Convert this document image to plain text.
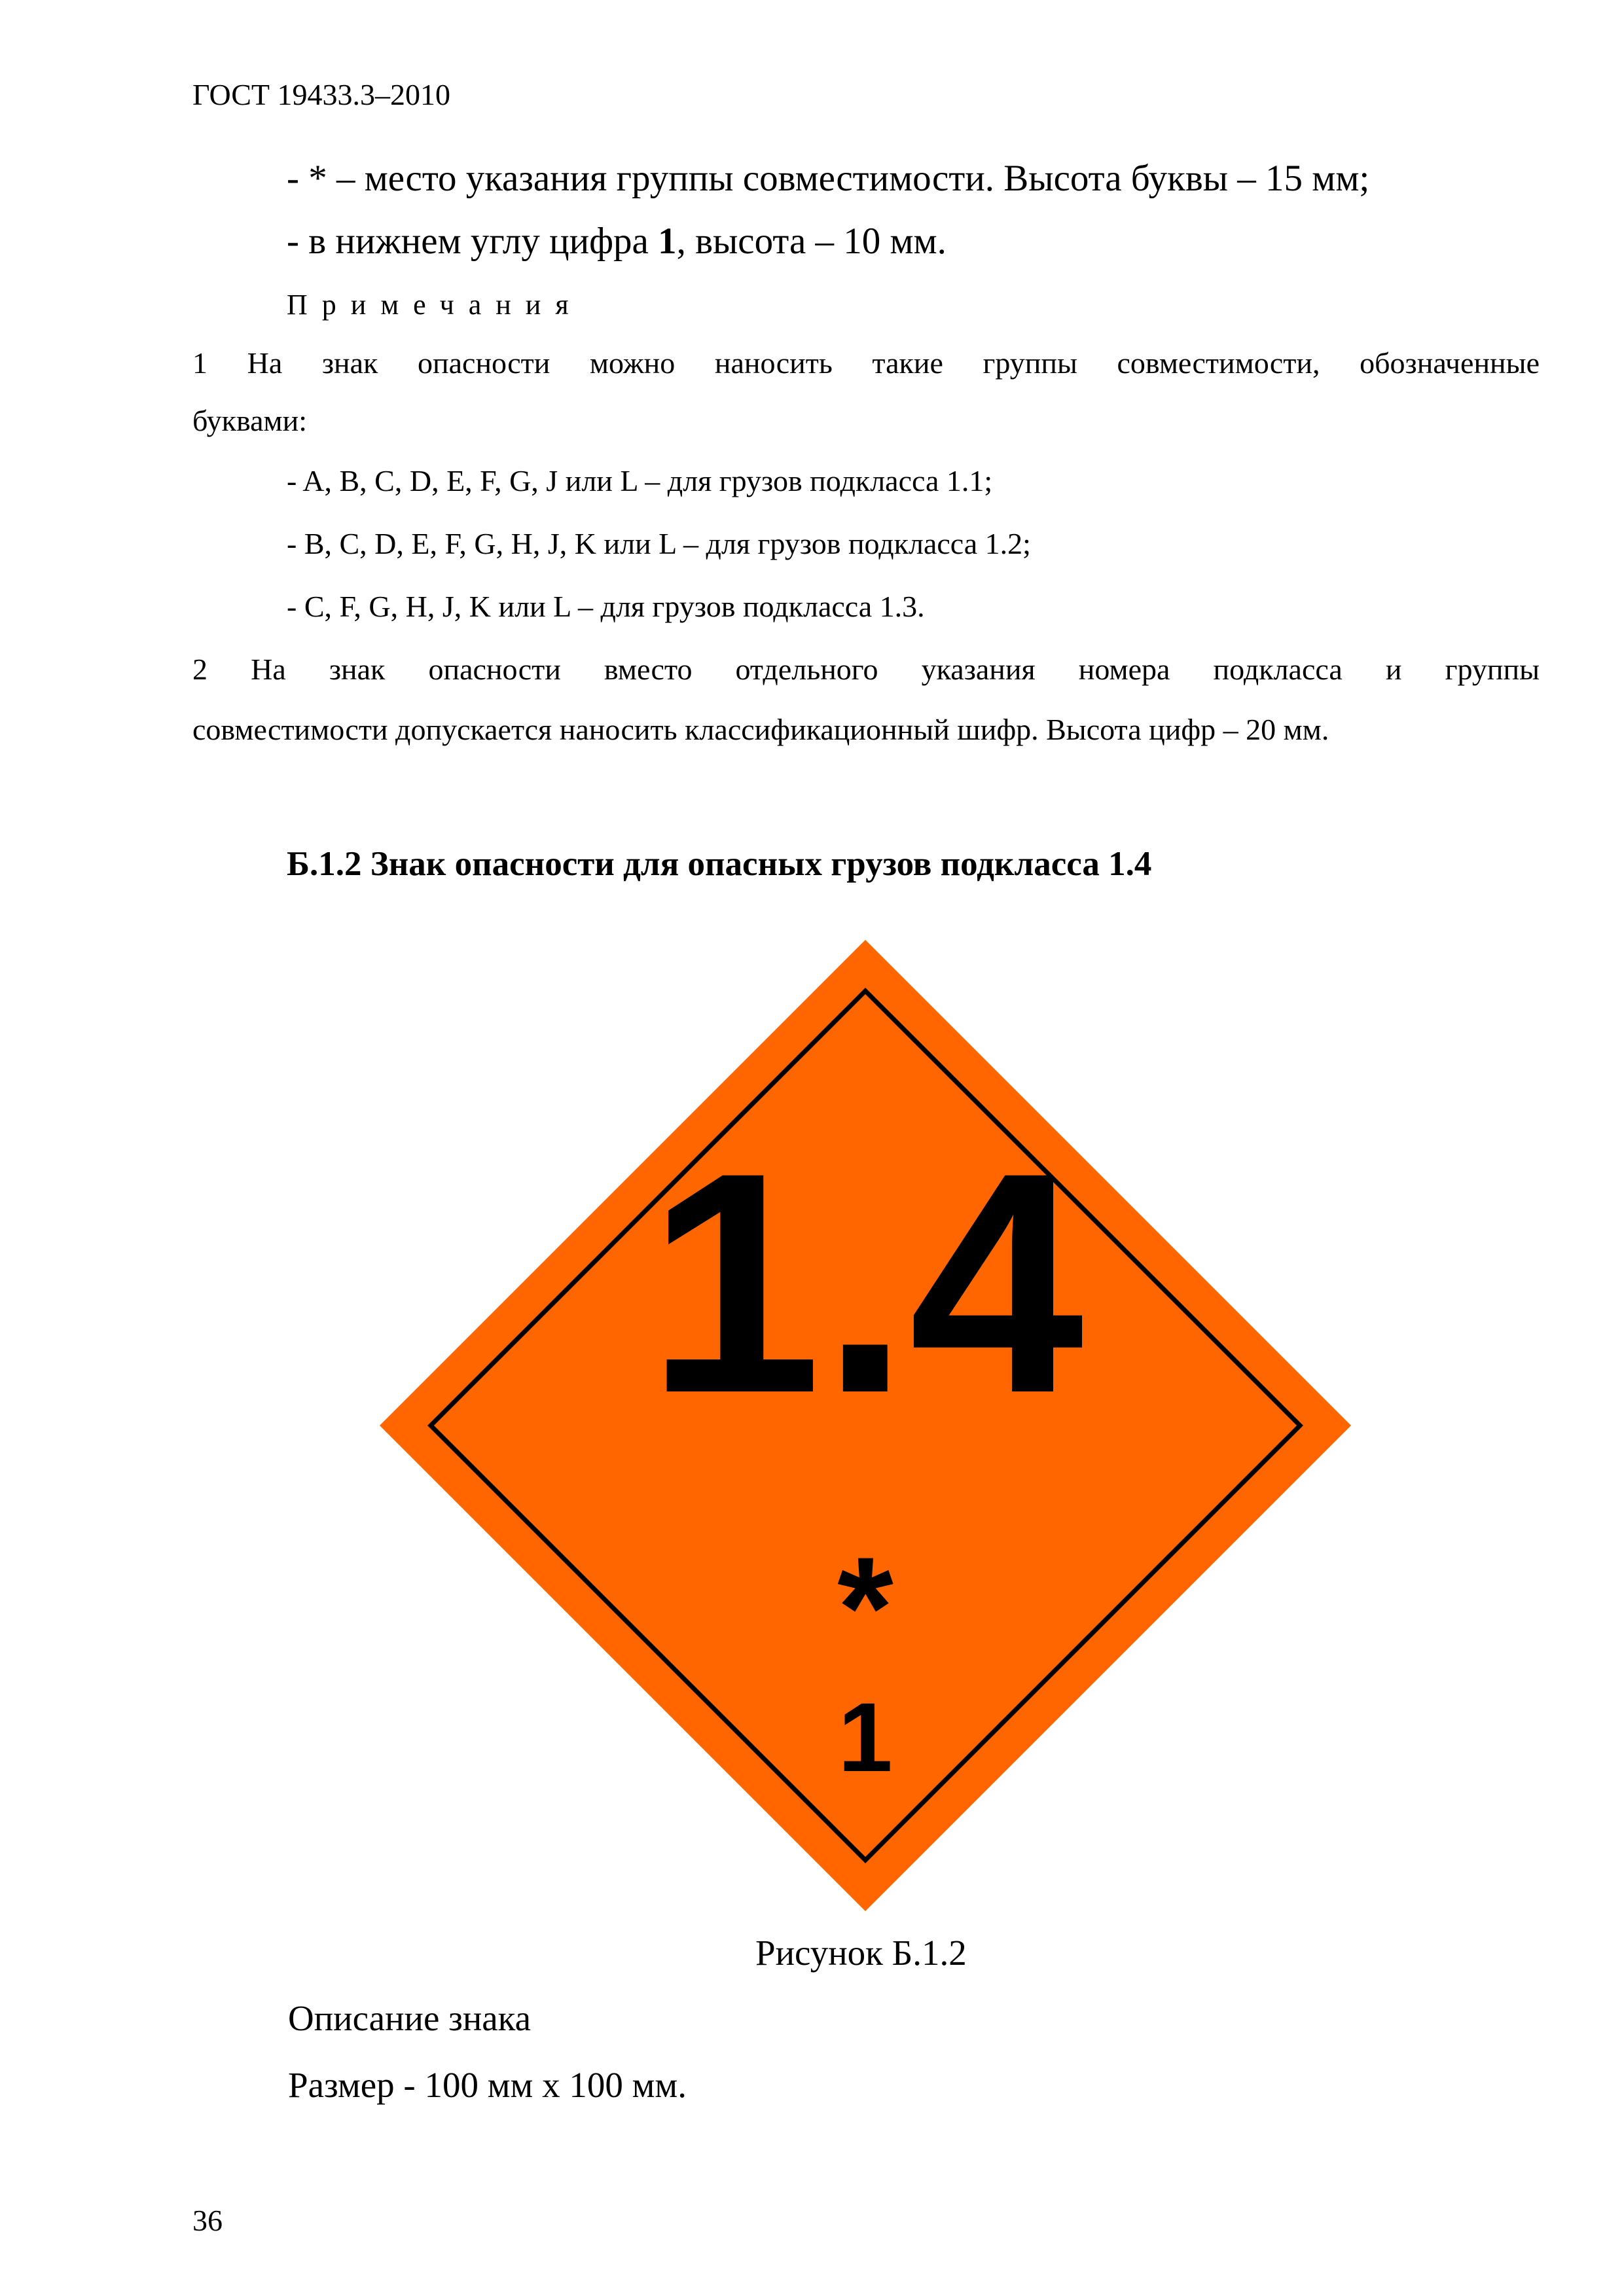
ГОСТ 19433.3–2010
- * – место указания группы совместимости. Высота буквы – 15 мм;
- в нижнем углу цифра 1, высота – 10 мм.
Примечания
1 На знак опасности можно наносить такие группы совместимости, обозначенные
буквами:
- A, B, C, D, E, F, G, J или L – для грузов подкласса 1.1;
- B, C, D, E, F, G, H, J, K или L – для грузов подкласса 1.2;
- C, F, G, H, J, K или L – для грузов подкласса 1.3.
2 На знак опасности вместо отдельного указания номера подкласса и группы
совместимости допускается наносить классификационный шифр. Высота цифр – 20 мм.
Б.1.2 Знак опасности для опасных грузов подкласса 1.4
1.4
*
1
Рисунок Б.1.2
Описание знака
Размер - 100 мм х 100 мм.
36
